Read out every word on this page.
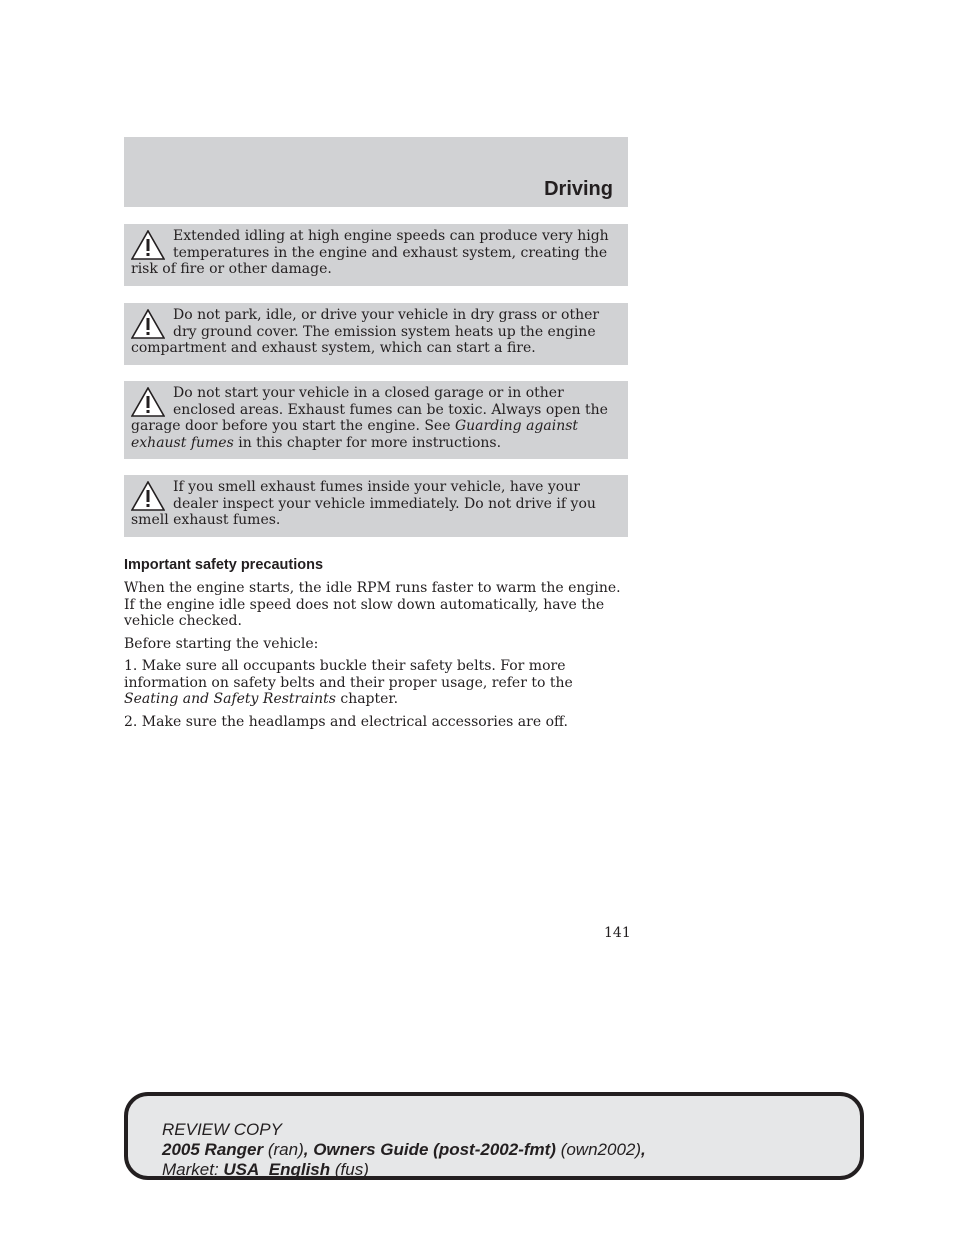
Driving

Extended idling at high engine speeds can produce very high temperatures in the engine and exhaust system, creating the risk of fire or other damage.

Do not park, idle, or drive your vehicle in dry grass or other dry ground cover. The emission system heats up the engine compartment and exhaust system, which can start a fire.

Do not start your vehicle in a closed garage or in other enclosed areas. Exhaust fumes can be toxic. Always open the garage door before you start the engine. See Guarding against exhaust fumes in this chapter for more instructions.

If you smell exhaust fumes inside your vehicle, have your dealer inspect your vehicle immediately. Do not drive if you smell exhaust fumes.

Important safety precautions

When the engine starts, the idle RPM runs faster to warm the engine. If the engine idle speed does not slow down automatically, have the vehicle checked.

Before starting the vehicle:

1. Make sure all occupants buckle their safety belts. For more information on safety belts and their proper usage, refer to the Seating and Safety Restraints chapter.

2. Make sure the headlamps and electrical accessories are off.

141
REVIEW COPY
2005 Ranger (ran), Owners Guide (post-2002-fmt) (own2002),
Market: USA_English (fus)
